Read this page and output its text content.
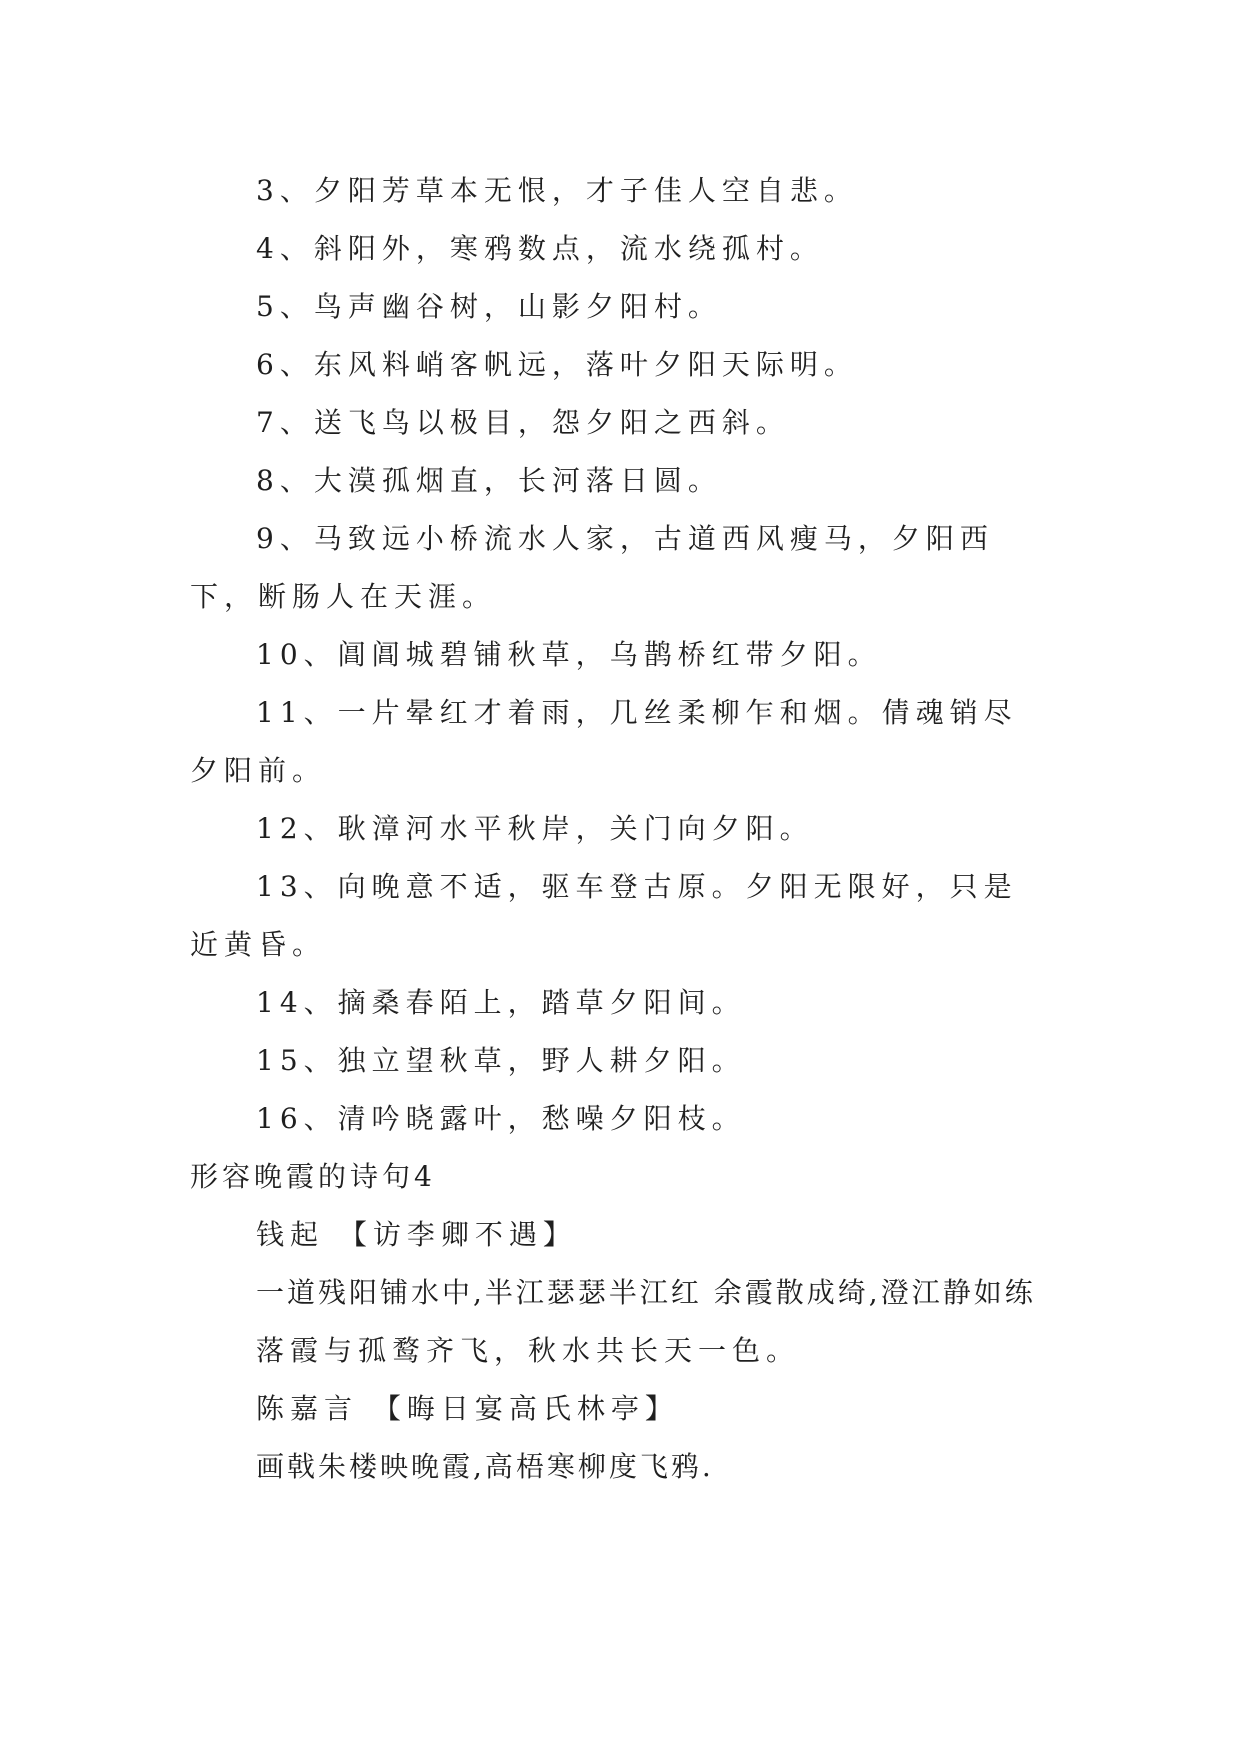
3、夕阳芳草本无恨，才子佳人空自悲。

4、斜阳外，寒鸦数点，流水绕孤村。

5、鸟声幽谷树，山影夕阳村。

6、东风料峭客帆远，落叶夕阳天际明。

7、送飞鸟以极目，怨夕阳之西斜。

8、大漠孤烟直，长河落日圆。

9、马致远小桥流水人家，古道西风瘦马，夕阳西下，断肠人在天涯。

10、阊阊城碧铺秋草，乌鹊桥红带夕阳。

11、一片晕红才着雨，几丝柔柳乍和烟。倩魂销尽夕阳前。

12、耿漳河水平秋岸，关门向夕阳。

13、向晚意不适，驱车登古原。夕阳无限好，只是近黄昏。

14、摘桑春陌上，踏草夕阳间。

15、独立望秋草，野人耕夕阳。

16、清吟晓露叶，愁噪夕阳枝。

形容晚霞的诗句4

钱起 【访李卿不遇】

一道残阳铺水中,半江瑟瑟半江红 余霞散成绮,澄江静如练

落霞与孤鹜齐飞，秋水共长天一色。

陈嘉言 【晦日宴高氏林亭】

画戟朱楼映晚霞,高梧寒柳度飞鸦.
